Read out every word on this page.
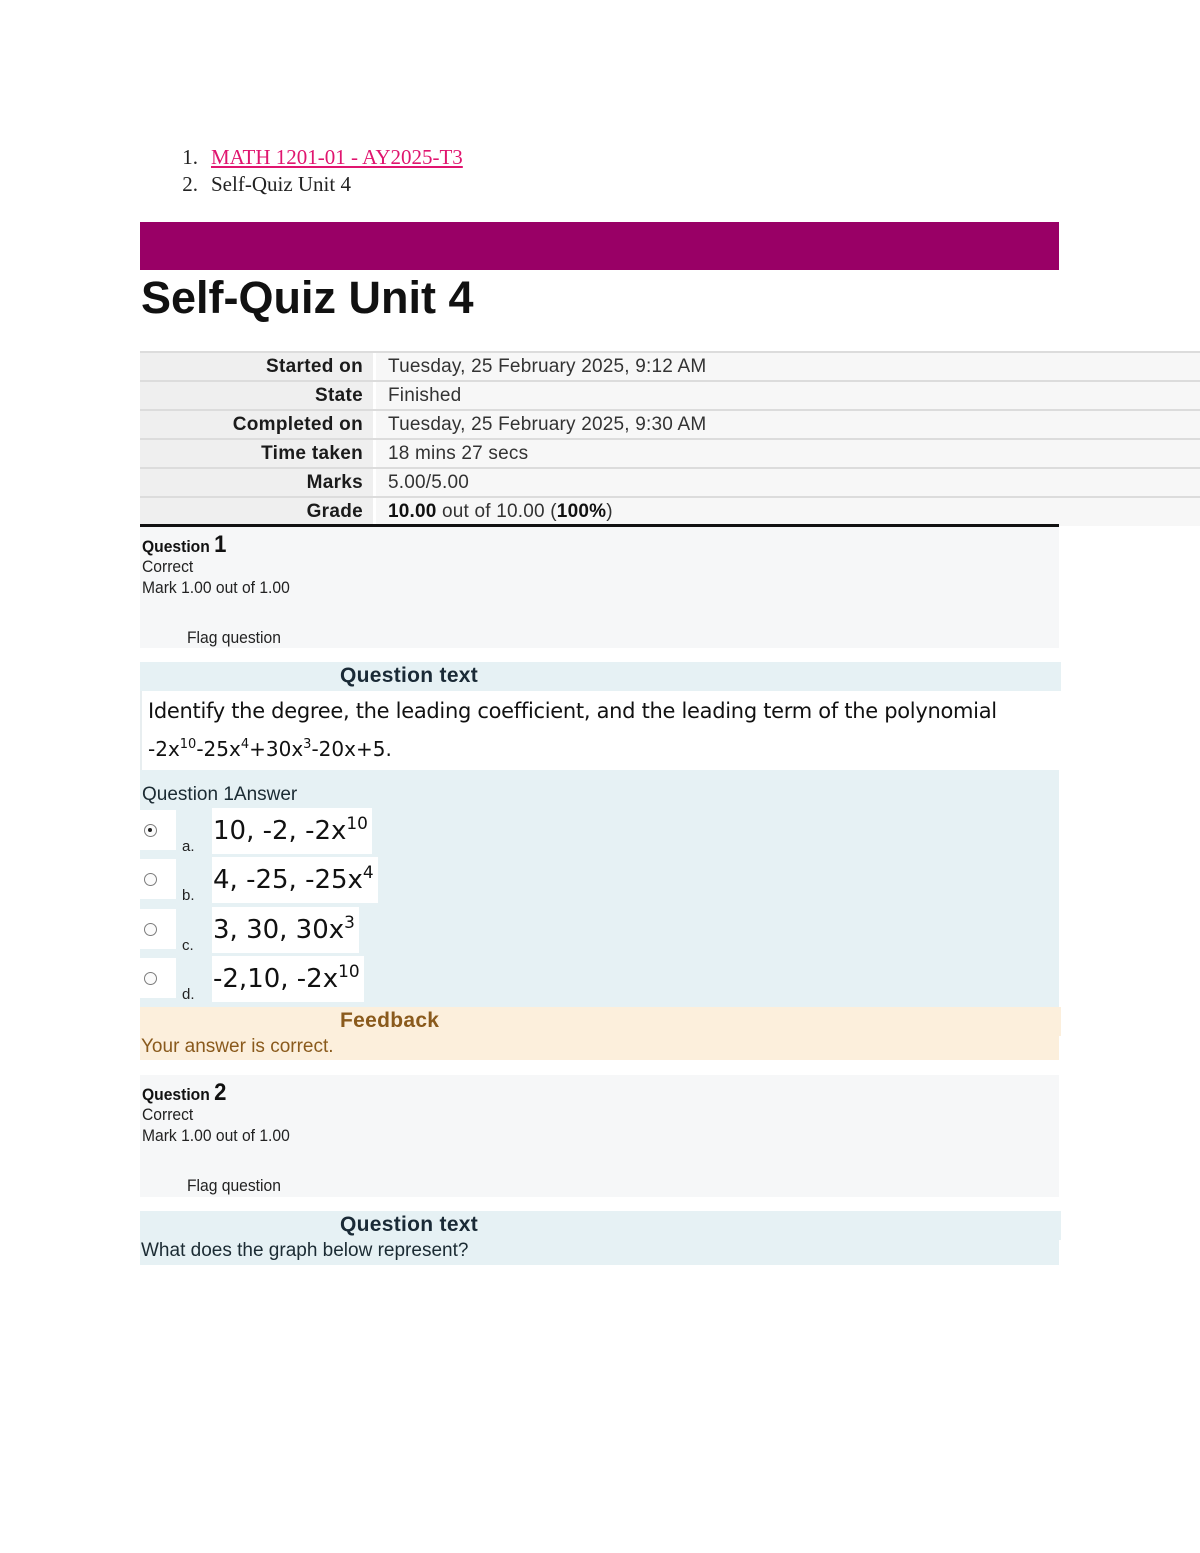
1. MATH 1201-01 - AY2025-T3
2. Self-Quiz Unit 4
Self-Quiz Unit 4
Started on Tuesday, 25 February 2025, 9:12 AM
State Finished
Completed on Tuesday, 25 February 2025, 9:30 AM
Time taken 18 mins 27 secs
Marks 5.00/5.00
Grade 10.00 out of 10.00 (100%)
Question 1
Correct
Mark 1.00 out of 1.00
Flag question
Question text
Identify the degree, the leading coefficient, and the leading term of the polynomial
$-2x^{10}-25x^4+30x^3-20x+5$.
Question 1Answer
a.
10, -2, $-2x^{10}$
b.
4, -25, $-25x^4$
c.
3, 30, $30x^3$
d.
-2,10, $-2x^{10}$
Feedback
Your answer is correct.
Question 2
Correct
Mark 1.00 out of 1.00
Flag question
Question text
What does the graph below represent?
